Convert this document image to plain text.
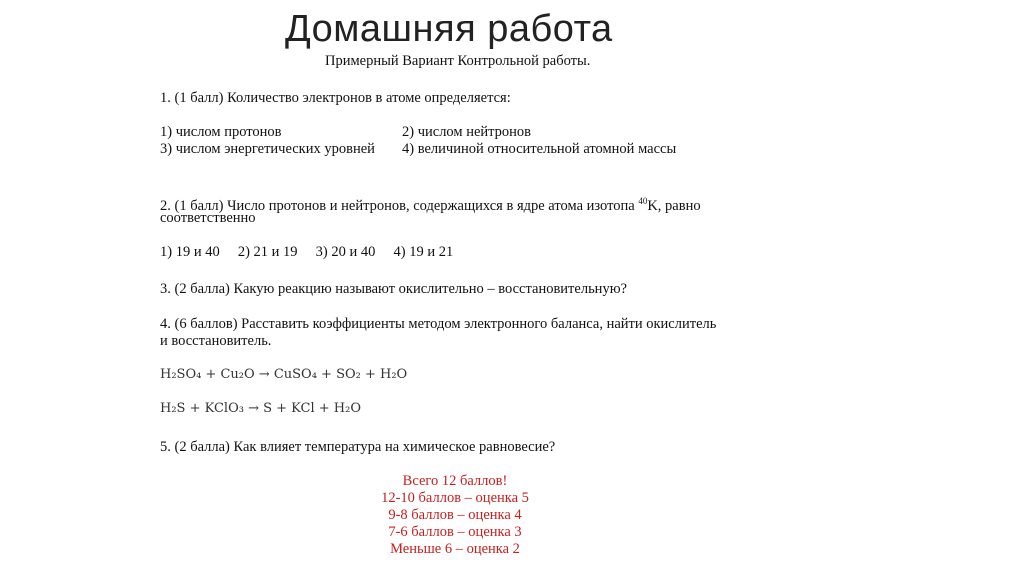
Домашняя работа
Примерный Вариант Контрольной работы.
1. (1 балл) Количество электронов в атоме определяется:
1) числом протонов	2) числом нейтронов
3) числом энергетических уровней 4) величиной относительной атомной массы
2. (1 балл) Число протонов и нейтронов, содержащихся в ядре атома изотопа $^{40}$K, равно
соответственно
1) 19 и 40     2) 21 и 19     3) 20 и 40     4) 19 и 21
3. (2 балла) Какую реакцию называют окислительно – восстановительную?
4. (6 баллов) Расставить коэффициенты методом электронного баланса, найти окислитель
и восстановитель.
H₂SO₄ + Cu₂O → CuSO₄ + SO₂ + H₂O
H₂S + KClO₃ → S + KCl + H₂O
5. (2 балла) Как влияет температура на химическое равновесие?
Всего 12 баллов!
12-10 баллов – оценка 5
9-8 баллов – оценка 4
7-6 баллов – оценка 3
Меньше 6 – оценка 2
